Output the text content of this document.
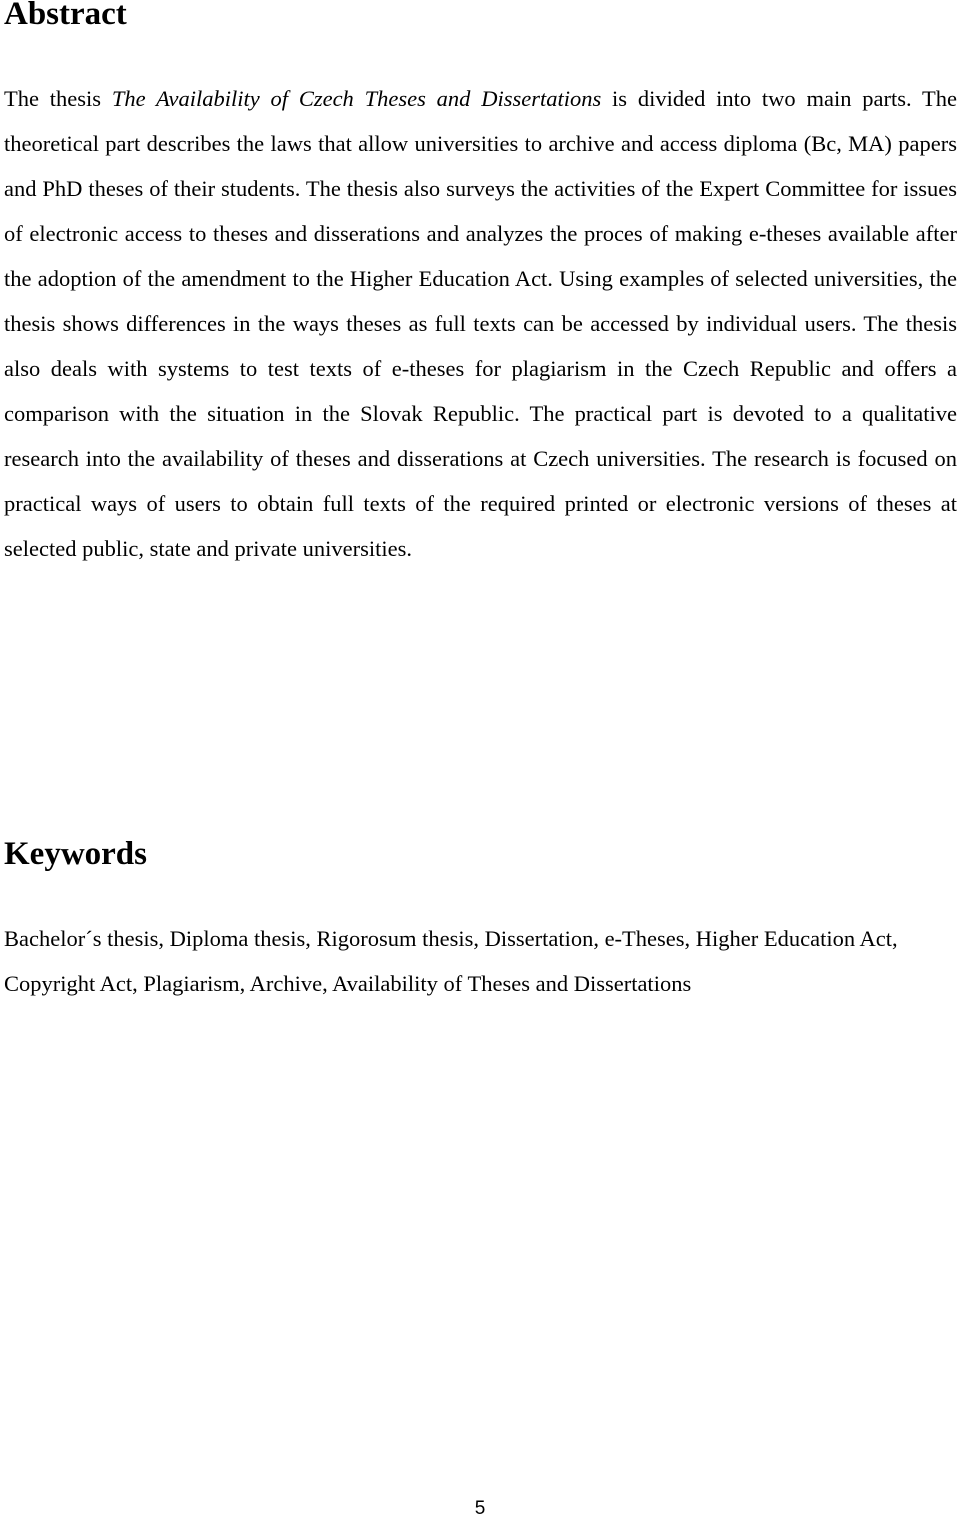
Abstract

The thesis The Availability of Czech Theses and Dissertations is divided into two main parts. The theoretical part describes the laws that allow universities to archive and access diploma (Bc, MA) papers and PhD theses of their students. The thesis also surveys the activities of the Expert Committee for issues of electronic access to theses and disserations and analyzes the proces of making e-theses available after the adoption of the amendment to the Higher Education Act. Using examples of selected universities, the thesis shows differences in the ways theses as full texts can be accessed by individual users. The thesis also deals with systems to test texts of e-theses for plagiarism in the Czech Republic and offers a comparison with the situation in the Slovak Republic. The practical part is devoted to a qualitative research into the availability of theses and disserations at Czech universities. The research is focused on practical ways of users to obtain full texts of the required printed or electronic versions of theses at selected public, state and private universities.

Keywords

Bachelor´s thesis, Diploma thesis, Rigorosum thesis, Dissertation, e-Theses, Higher Education Act, Copyright Act, Plagiarism, Archive, Availability of Theses and Dissertations

5
